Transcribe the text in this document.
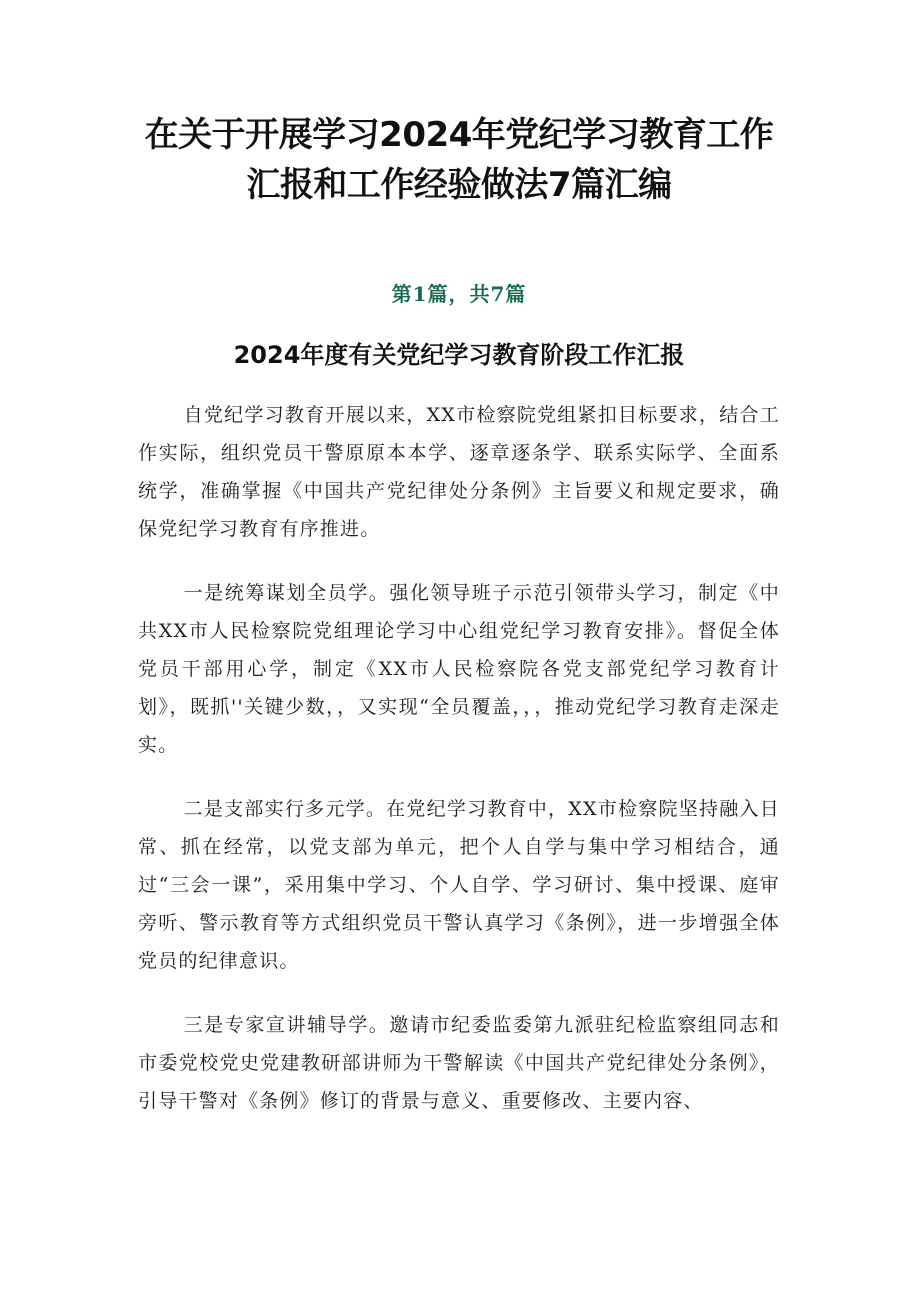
在关于开展学习2024年党纪学习教育工作
汇报和工作经验做法7篇汇编
第1篇，共7篇
2024年度有关党纪学习教育阶段工作汇报

自党纪学习教育开展以来，XX市检察院党组紧扣目标要求，结合工作实际，组织党员干警原原本本学、逐章逐条学、联系实际学、全面系统学，准确掌握《中国共产党纪律处分条例》主旨要义和规定要求，确保党纪学习教育有序推进。

一是统筹谋划全员学。强化领导班子示范引领带头学习，制定《中共XX市人民检察院党组理论学习中心组党纪学习教育安排》。督促全体党员干部用心学，制定《XX市人民检察院各党支部党纪学习教育计划》，既抓''关键少数，，又实现“全员覆盖，，，推动党纪学习教育走深走实。

二是支部实行多元学。在党纪学习教育中，XX市检察院坚持融入日常、抓在经常，以党支部为单元，把个人自学与集中学习相结合，通过“三会一课”，采用集中学习、个人自学、学习研讨、集中授课、庭审旁听、警示教育等方式组织党员干警认真学习《条例》，进一步增强全体党员的纪律意识。

三是专家宣讲辅导学。邀请市纪委监委第九派驻纪检监察组同志和市委党校党史党建教研部讲师为干警解读《中国共产党纪律处分条例》，引导干警对《条例》修订的背景与意义、重要修改、主要内容、
